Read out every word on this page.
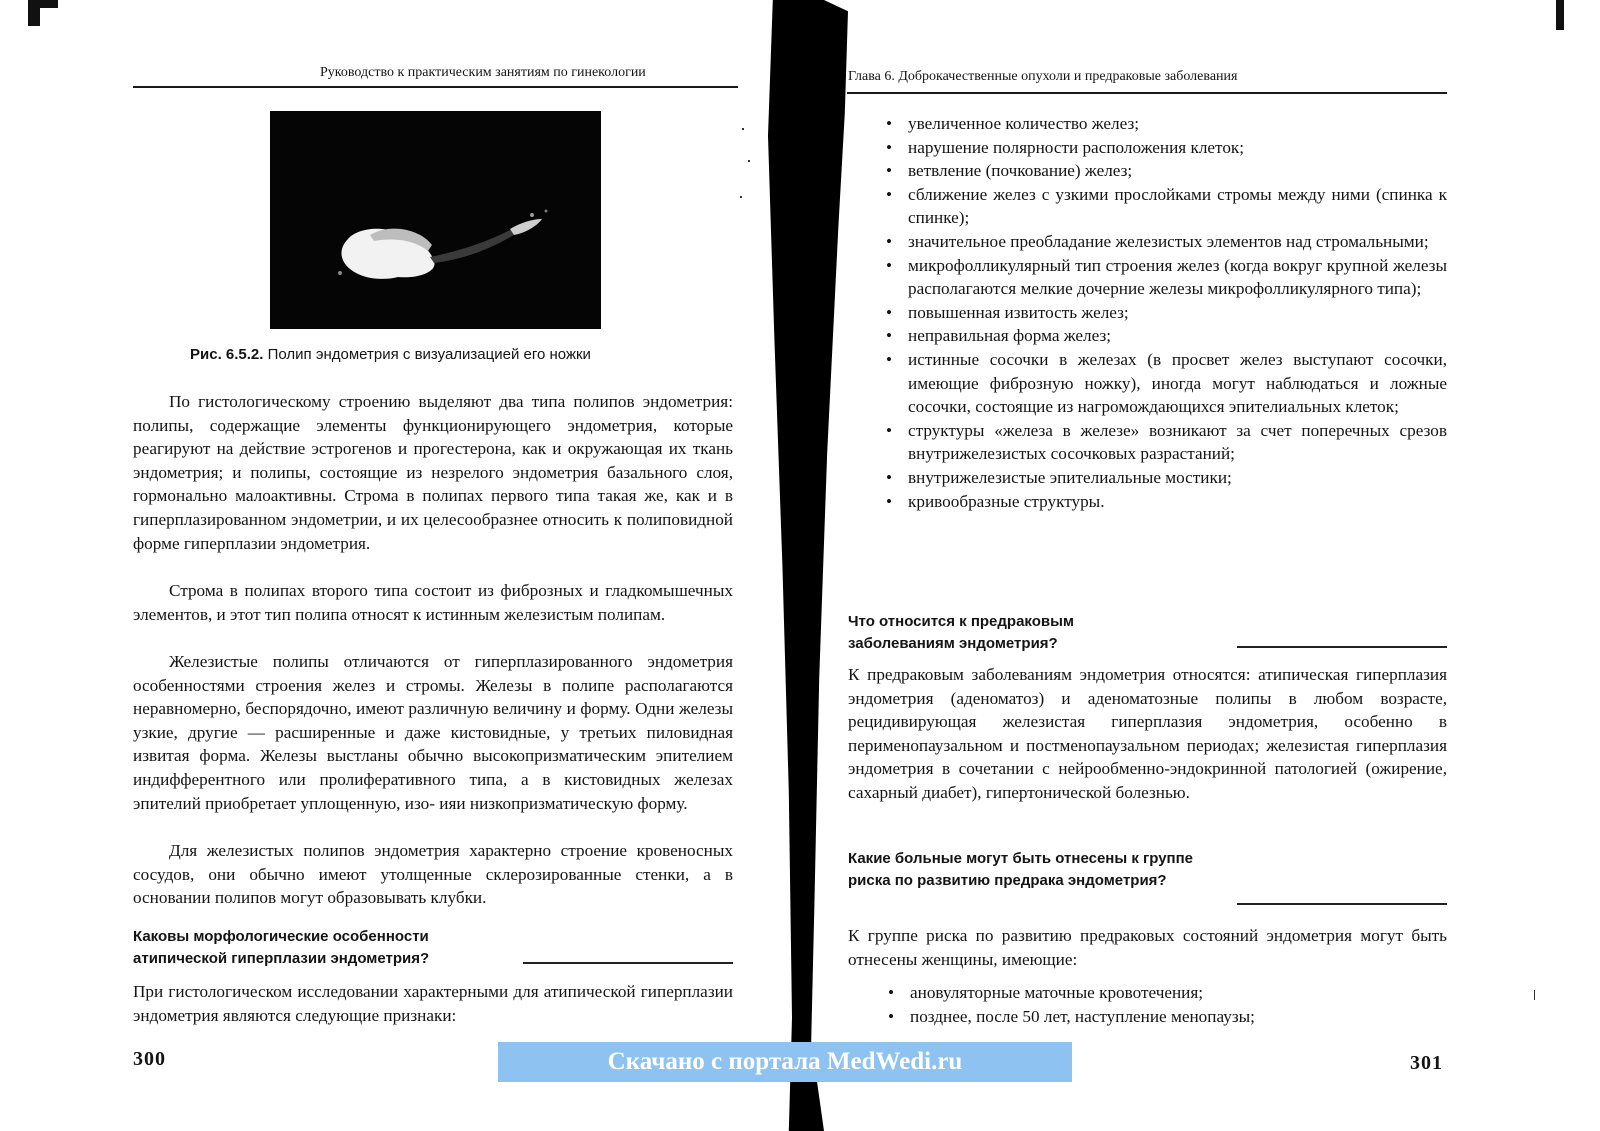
Руководство к практическим занятиям по гинекологии
Рис. 6.5.2. Полип эндометрия с визуализацией его ножки

По гистологическому строению выделяют два типа полипов эндометрия: полипы, содержащие элементы функционирующего эндометрия, которые реагируют на действие эстрогенов и прогестерона, как и окружающая их ткань эндометрия; и полипы, состоящие из незрелого эндометрия базального слоя, гормонально малоактивны. Строма в полипах первого типа такая же, как и в гиперплазированном эндометрии, и их целесообразнее относить к полиповидной форме гиперплазии эндометрия.

Строма в полипах второго типа состоит из фиброзных и гладкомышечных элементов, и этот тип полипа относят к истинным железистым полипам.

Железистые полипы отличаются от гиперплазированного эндометрия особенностями строения желез и стромы. Железы в полипе располагаются неравномерно, беспорядочно, имеют различную величину и форму. Одни железы узкие, другие — расширенные и даже кистовидные, у третьих пиловидная извитая форма. Железы выстланы обычно высокопризматическим эпителием индифферентного или пролиферативного типа, а в кистовидных железах эпителий приобретает уплощенную, изо- ияи низкопризматическую форму.

Для железистых полипов эндометрия характерно строение кровеносных сосудов, они обычно имеют утолщенные склерозированные стенки, а в основании полипов могут образовывать клубки.

Каковы морфологические особенности атипической гиперплазии эндометрия?

При гистологическом исследовании характерными для атипической гиперплазии эндометрия являются следующие признаки:

300
Глава 6. Доброкачественные опухоли и предраковые заболевания
• увеличенное количество желез;
• нарушение полярности расположения клеток;
• ветвление (почкование) желез;
• сближение желез с узкими прослойками стромы между ними (спинка к спинке);
• значительное преобладание железистых элементов над стромальными;
• микрофолликулярный тип строения желез (когда вокруг крупной железы располагаются мелкие дочерние железы микрофолликулярного типа);
• повышенная извитость желез;
• неправильная форма желез;
• истинные сосочки в железах (в просвет желез выступают сосочки, имеющие фиброзную ножку), иногда могут наблюдаться и ложные сосочки, состоящие из нагромождающихся эпителиальных клеток;
• структуры «железа в железе» возникают за счет поперечных срезов внутрижелезистых сосочковых разрастаний;
• внутрижелезистые эпителиальные мостики;
• кривообразные структуры.

Что относится к предраковым заболеваниям эндометрия?

К предраковым заболеваниям эндометрия относятся: атипическая гиперплазия эндометрия (аденоматоз) и аденоматозные полипы в любом возрасте, рецидивирующая железистая гиперплазия эндометрия, особенно в перименопаузальном и постменопаузальном периодах; железистая гиперплазия эндометрия в сочетании с нейрообменно-эндокринной патологией (ожирение, сахарный диабет), гипертонической болезнью.

Какие больные могут быть отнесены к группе риска по развитию предрака эндометрия?

К группе риска по развитию предраковых состояний эндометрия могут быть отнесены женщины, имеющие:

• ановуляторные маточные кровотечения;
• позднее, после 50 лет, наступление менопаузы;
301
Скачано с портала MedWedi.ru
